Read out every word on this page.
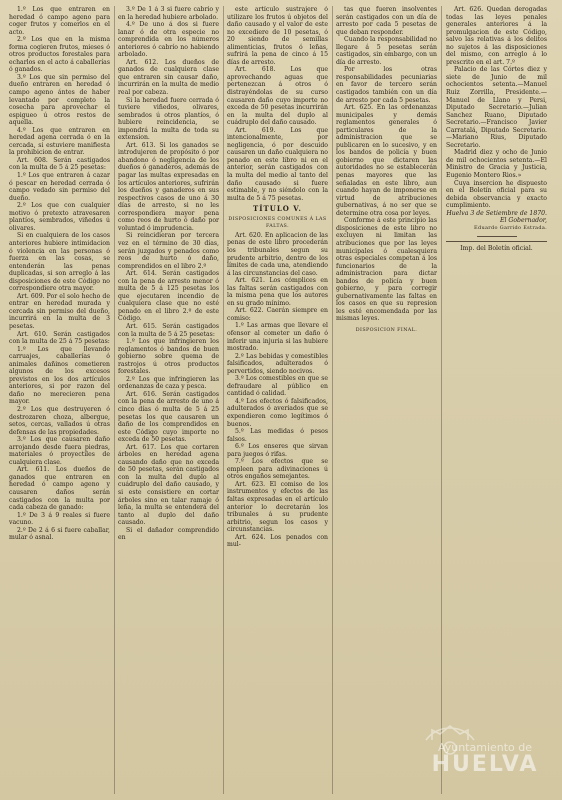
1.º Los que entraren en heredad ó campo ageno para coger frutos y comerlos en el acto.

2.º Los que en la misma forma cogieren frutos, mieses ó otros productos forestales para echarlos en el acto á caballerías ó ganados.

3.º Los que sin permiso del dueño entraren en heredad ó campo ageno ántes de haber levantado por completo la cosecha para aprovechar el espigueo ú otros restos de aquella.

4.º Los que entraren en heredad agena cerrada ó en la cercada, si estuviere manifiesta la prohibicion de entrar.

Art. 608. Serán castigados con la multa de 5 á 25 pesetas:

1.º Los que entraren á cazar ó pescar en heredad cerrada ó campo vedado sin permiso del dueño.

2.º Los que con cualquier motivo ó pretexto atravesaren plantíos, sembrados, viñedos ú olivares.

Si en cualquiera de los casos anteriores hubiere intimidacion ó violencia en las personas ó fuerza en las cosas, se entenderán las penas duplicadas, si son arreglo á las disposiciones de este Código no correspondiere otra mayor.

Art. 609. Por el solo hecho de entrar en heredad murada y cercada sin permiso del dueño, incurrirá en la multa de 3 pesetas.

Art. 610. Serán castigados con la multa de 25 á 75 pesetas:

1.º Los que llevando carruajes, caballerías ó animales dañinos cometieren algunos de los excesos previstos en los dos artículos anteriores, si por razon del daño no merecieren pena mayor.

2.º Los que destruyeren ó destrozaren choza, albergue, setos, cercas, vallados ú otras defensas de las propiedades.

3.º Los que causaren daño arrojando desde fuera piedras, materiales ó proyectiles de cualquiera clase.

Art. 611. Los dueños de ganados que entraren en heredad ó campo ageno y causaren daños serán castigados con la multa por cada cabeza de ganado:

1.º De 3 á 9 reales si fuere vacuno.

2.º De 2 á 6 si fuere caballar, mular ó asnal.

3.º De 1 á 3 si fuere cabrío y en la heredad hubiere arbolado.

4.º De uno á dos si fuere lanar ó de otra especie no comprendida en los números anteriores ó cabrío no habiendo arbolado.

Art. 612. Los dueños de ganados de cualquiera clase que entraren sin causar daño, incurrirán en la multa de medio real por cabeza.

Si la heredad fuere cerrada ó tuviere viñedos, olivares, sembrados ú otros plantíos, ó hubiere reincidencia, se impondrá la multa de toda su extension.

Art. 613. Si los ganados se introdujeren de propósito ó por abandono ó negligencia de los dueños ó ganaderos, además de pagar las multas expresadas en los artículos anteriores, sufrirán los dueños y ganaderos en sus respectivos casos de uno á 30 días de arresto, si no les correspondiera mayor pena como reos de hurto ó daño por voluntad ó imprudencia.

Si reincidieran por tercera vez en el término de 30 días, serán juzgados y penados como reos de hurto ó daño, comprendidos en el libro 2.º

Art. 614. Serán castigados con la pena de arresto menor ó multa de 5 á 125 pesetas los que ejecutaren incendio de cualquiera clase que no esté penado en el libro 2.º de este Código.

Art. 615. Serán castigados con la multa de 5 á 25 pesetas:

1.º Los que infringieren los reglamentos ó bandos de buen gobierno sobre quema de rastrojos ú otros productos forestales.

2.º Los que infringieren las ordenanzas de caza y pesca.

Art. 616. Serán castigados con la pena de arresto de uno á cinco días ó multa de 5 á 25 pesetas los que causaren un daño de los comprendidos en este Código cuyo importe no exceda de 50 pesetas.

Art. 617. Los que cortaren árboles en heredad agena causando daño que no exceda de 50 pesetas, serán castigados con la multa del duplo al cuádruplo del daño causado, y si este consistiere en cortar árboles sino en talar ramaje ó leña, la multa se entenderá del tanto al duplo del daño causado.

Si el dañador comprendido en

este artículo sustrajere ó utilizare los frutos ú objetos del daño causado y el valor de este no excediere de 10 pesetas, ó 20 siendo de semillas alimenticias, frutos ó leñas, sufrirá la pena de cinco á 15 días de arresto.

Art. 618. Los que aprovechando aguas que pertenezcan á otros ó distrayéndolas de su curso causaren daño cuyo importe no exceda de 50 pesetas incurrirán en la multa del duplo al cuádruplo del daño causado.

Art. 619. Los que intencionalmente, por negligencia, ó por descuido causaren un daño cualquiera no penado en este libro ni en el anterior, serán castigados con la multa del medio al tanto del daño causado si fuere estimable, y no siéndolo con la multa de 5 á 75 pesetas.

TÍTULO V.

DISPOSICIONES COMUNES Á LAS FALTAS.

Art. 620. En aplicacion de las penas de este libro procederán los tribunales segun su prudente arbitrio, dentro de los límites de cada una, atendiendo á las circunstancias del caso.

Art. 621. Los cómplices en las faltas serán castigados con la misma pena que los autores en su grado mínimo.

Art. 622. Caerán siempre en comiso:

1.º Las armas que llevare el ofensor al cometer un daño ó inferir una injuria si las hubiere mostrado.

2.º Las bebidas y comestibles falsificados, adulterados ó pervertidos, siendo nocivos.

3.º Los comestibles en que se defraudare al público en cantidad ó calidad.

4.º Los efectos ó falsificados, adulterados ó averiados que se expendieren como legítimos ó buenos.

5.º Las medidas ó pesos falsos.

6.º Los enseres que sirvan para juegos ó rifas.

7.º Los efectos que se empleen para adivinaciones ú otros engaños semejantes.

Art. 623. El comiso de los instrumentos y efectos de las faltas expresadas en el artículo anterior lo decretarán los tribunales á su prudente arbitrio, segun los casos y circunstancias.

Art. 624. Los penados con mul-

tas que fueren insolventes serán castigados con un día de arresto por cada 5 pesetas de que deban responder.

Cuando la responsabilidad no llegare á 5 pesetas serán castigados, sin embargo, con un día de arresto.

Por los otras responsabilidades pecuniarias en favor de tercero serán castigados también con un día de arresto por cada 5 pesetas.

Art. 625. En las ordenanzas municipales y demás reglamentos generales ó particulares de la administracion que se publicaren en lo sucesivo, y en los bandos de policía y buen gobierno que dictaren las autoridades no se establecerán penas mayores que las señaladas en este libro, aun cuando hayan de imponerse en virtud de atribuciones gubernativas, á no ser que se determine otra cosa por leyes.

Conforme á este principio las disposiciones de este libro no excluyen ni limitan las atribuciones que por las leyes municipales ó cualesquiera otras especiales competan á los funcionarios de la administracion para dictar bandos de policía y buen gobierno, y para corregir gubernativamente las faltas en los casos en que su represion les esté encomendada por las mismas leyes.

DISPOSICION FINAL.

Art. 626. Quedan derogadas todas las leyes penales generales anteriores á la promulgacion de este Código, salvo las relativas á los delitos no sujetos á las disposiciones del mismo, con arreglo á lo prescrito en el art. 7.º

Palacio de las Córtes diez y siete de Junio de mil ochocientos setenta.—Manuel Ruiz Zorrilla, Presidente.—Manuel de Llano y Persi, Diputado Secretario.—Julian Sanchez Ruano, Diputado Secretario.—Francisco Javier Carratalá, Diputado Secretario.—Mariano Rius, Diputado Secretario.

Madrid diez y ocho de Junio de mil ochocientos setenta.—El Ministro de Gracia y Justicia, Eugenio Montero Rios.»

Cuya insercion he dispuesto en el Boletín oficial para su debida observancia y exacto cumplimiento.

Huelva 3 de Setiembre de 1870.

El Gobernador,

Eduardo Garrido Estrada.

Imp. del Boletín oficial.

Ayuntamiento de
HUELVA
